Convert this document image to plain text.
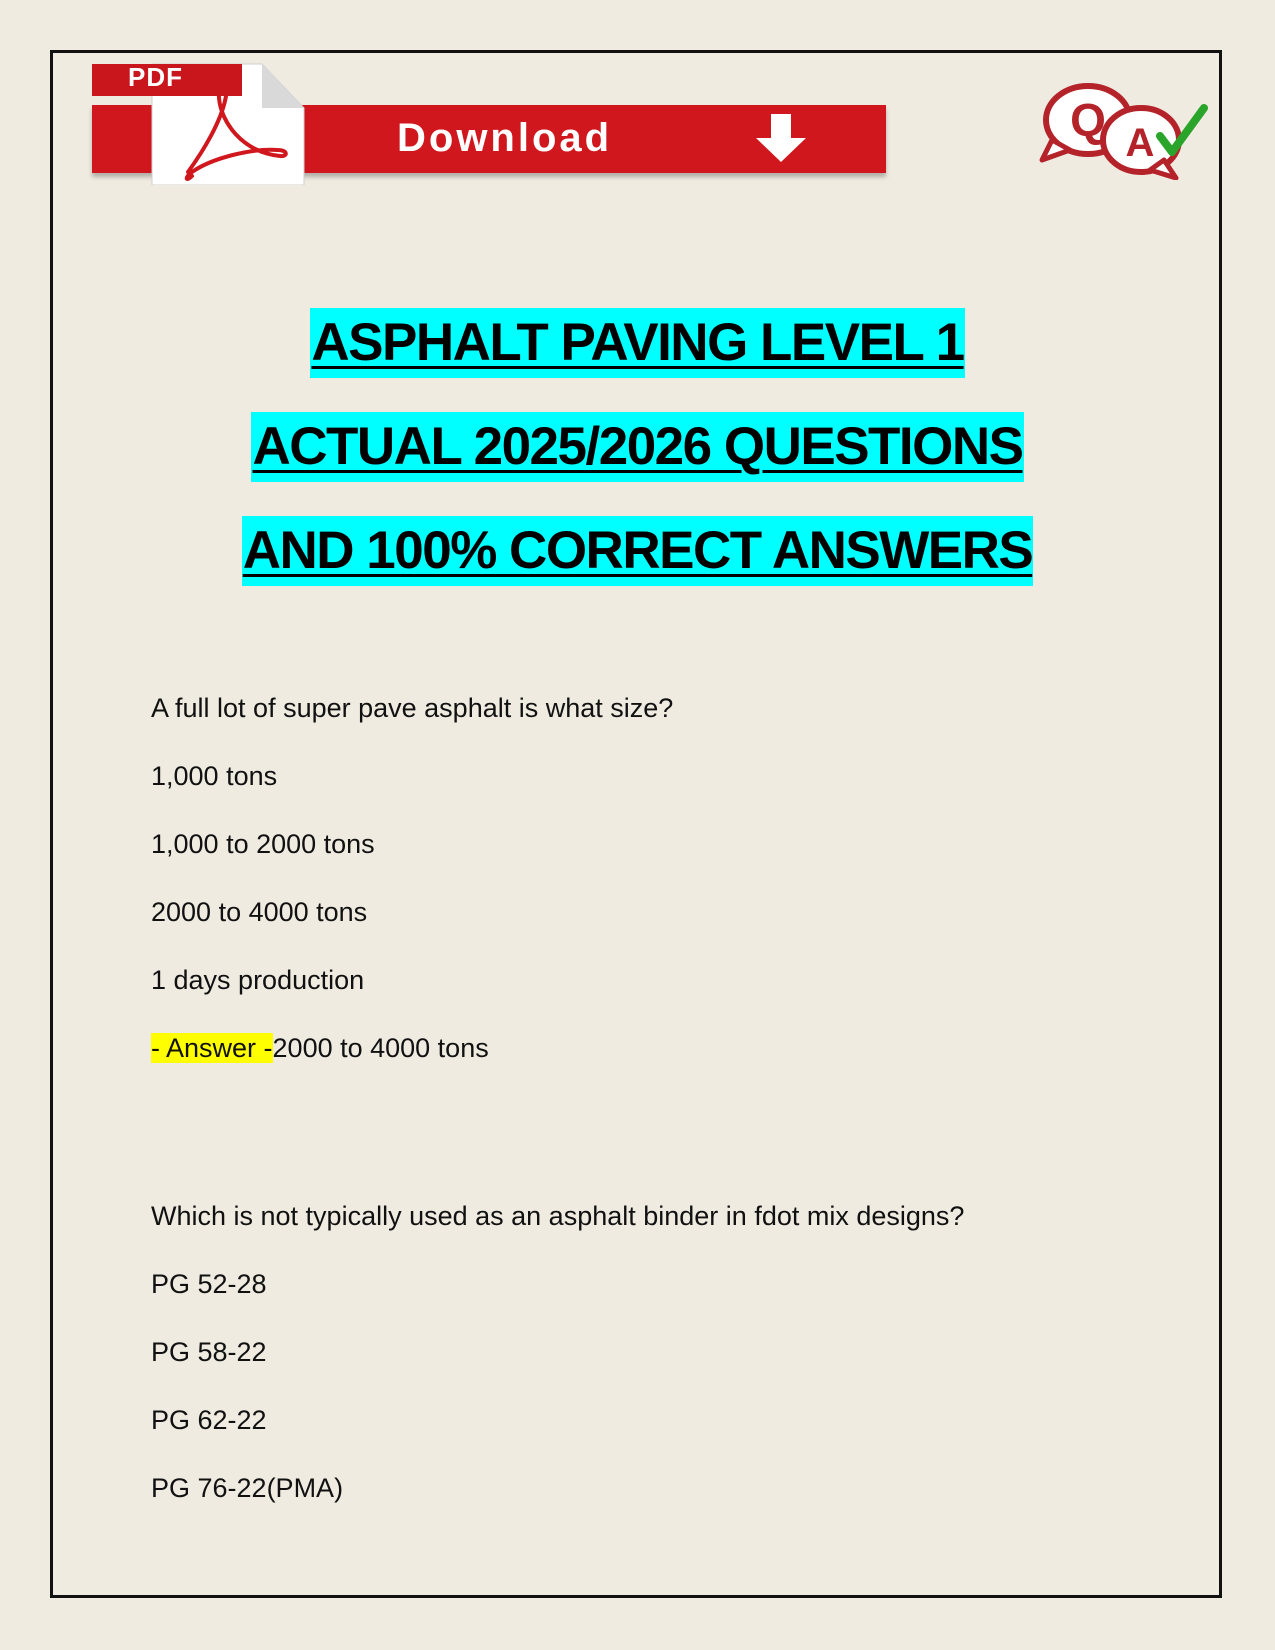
Download
PDF
Q A
ASPHALT PAVING LEVEL 1
ACTUAL 2025/2026 QUESTIONS
AND 100% CORRECT ANSWERS
A full lot of super pave asphalt is what size?
1,000 tons
1,000 to 2000 tons
2000 to 4000 tons
1 days production
- Answer -2000 to 4000 tons
Which is not typically used as an asphalt binder in fdot mix designs?
PG 52-28
PG 58-22
PG 62-22
PG 76-22(PMA)
